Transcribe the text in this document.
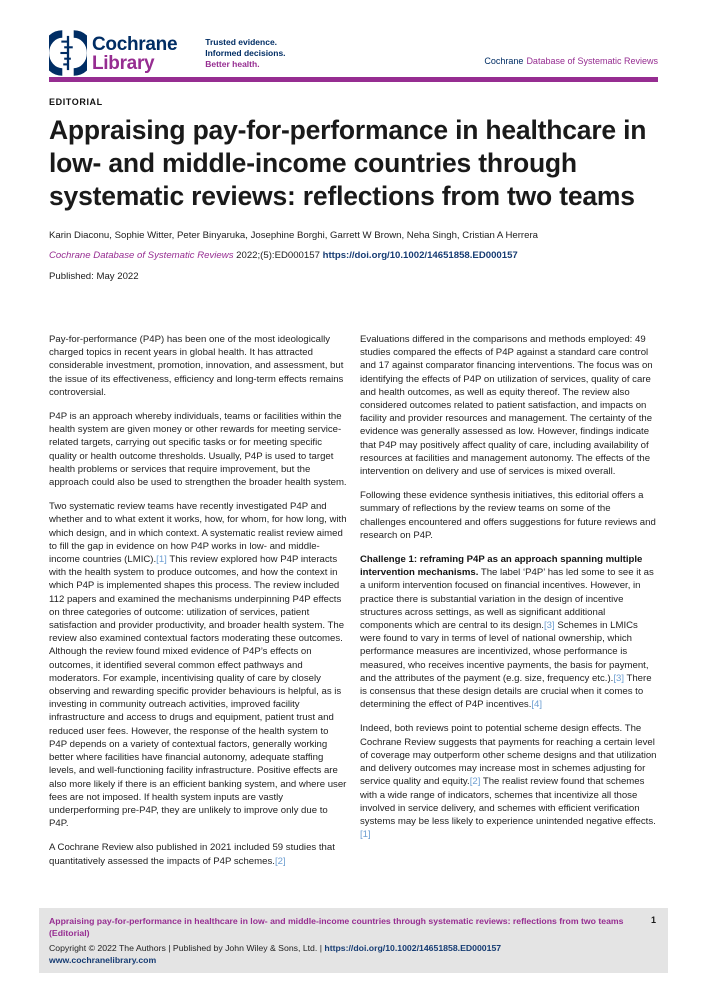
Cochrane
Library
Trusted evidence.
Informed decisions.
Better health.	Cochrane Database of Systematic Reviews
EDITORIAL
Appraising pay-for-performance in healthcare in low- and middle-income countries through systematic reviews: reflections from two teams
Karin Diaconu, Sophie Witter, Peter Binyaruka, Josephine Borghi, Garrett W Brown, Neha Singh, Cristian A Herrera
Cochrane Database of Systematic Reviews 2022;(5):ED000157 https://doi.org/10.1002/14651858.ED000157
Published: May 2022

Pay-for-performance (P4P) has been one of the most ideologically charged topics in recent years in global health. It has attracted considerable investment, promotion, innovation, and assessment, but the issue of its effectiveness, efficiency and long-term effects remains controversial.

P4P is an approach whereby individuals, teams or facilities within the health system are given money or other rewards for meeting service-related targets, carrying out specific tasks or for meeting specific quality or health outcome thresholds. Usually, P4P is used to target health problems or services that require improvement, but the approach could also be used to strengthen the broader health system.

Two systematic review teams have recently investigated P4P and whether and to what extent it works, how, for whom, for how long, with which design, and in which context. A systematic realist review aimed to fill the gap in evidence on how P4P works in low- and middle-income countries (LMIC).[1] This review explored how P4P interacts with the health system to produce outcomes, and how the context in which P4P is implemented shapes this process. The review included 112 papers and examined the mechanisms underpinning P4P effects on three categories of outcome: utilization of services, patient satisfaction and provider productivity, and broader health system. The review also examined contextual factors moderating these outcomes. Although the review found mixed evidence of P4P’s effects on outcomes, it identified several common effect pathways and moderators. For example, incentivising quality of care by closely observing and rewarding specific provider behaviours is helpful, as is investing in community outreach activities, improved facility infrastructure and access to drugs and equipment, patient trust and reduced user fees. However, the response of the health system to P4P depends on a variety of contextual factors, generally working better where facilities have financial autonomy, adequate staffing levels, and well-functioning facility infrastructure. Positive effects are also more likely if there is an efficient banking system, and where user fees are not imposed. If health system inputs are vastly underperforming pre-P4P, they are unlikely to improve only due to P4P.

A Cochrane Review also published in 2021 included 59 studies that quantitatively assessed the impacts of P4P schemes.[2]

Evaluations differed in the comparisons and methods employed: 49 studies compared the effects of P4P against a standard care control and 17 against comparator financing interventions. The focus was on identifying the effects of P4P on utilization of services, quality of care and health outcomes, as well as equity thereof. The review also considered outcomes related to patient satisfaction, and impacts on facility and provider resources and management. The certainty of the evidence was generally assessed as low. However, findings indicate that P4P may positively affect quality of care, including availability of resources at facilities and management autonomy. The effects of the intervention on delivery and use of services is mixed overall.

Following these evidence synthesis initiatives, this editorial offers a summary of reflections by the review teams on some of the challenges encountered and offers suggestions for future reviews and research on P4P.

Challenge 1: reframing P4P as an approach spanning multiple intervention mechanisms. The label ‘P4P’ has led some to see it as a uniform intervention focused on financial incentives. However, in practice there is substantial variation in the design of incentive structures across settings, as well as significant additional components which are central to its design.[3] Schemes in LMICs were found to vary in terms of level of national ownership, which performance measures are incentivized, whose performance is measured, who receives incentive payments, the basis for payment, and the attributes of the payment (e.g. size, frequency etc.).[3] There is consensus that these design details are crucial when it comes to determining the effect of P4P incentives.[4]

Indeed, both reviews point to potential scheme design effects. The Cochrane Review suggests that payments for reaching a certain level of coverage may outperform other scheme designs and that utilization and delivery outcomes may increase most in schemes adjusting for service quality and equity.[2] The realist review found that schemes with a wide range of indicators, schemes that incentivize all those involved in service delivery, and schemes with efficient verification systems may be less likely to experience unintended negative effects.[1]

Appraising pay-for-performance in healthcare in low- and middle-income countries through systematic reviews: reflections from two teams (Editorial)
1
Copyright © 2022 The Authors | Published by John Wiley & Sons, Ltd. | https://doi.org/10.1002/14651858.ED000157
www.cochranelibrary.com
